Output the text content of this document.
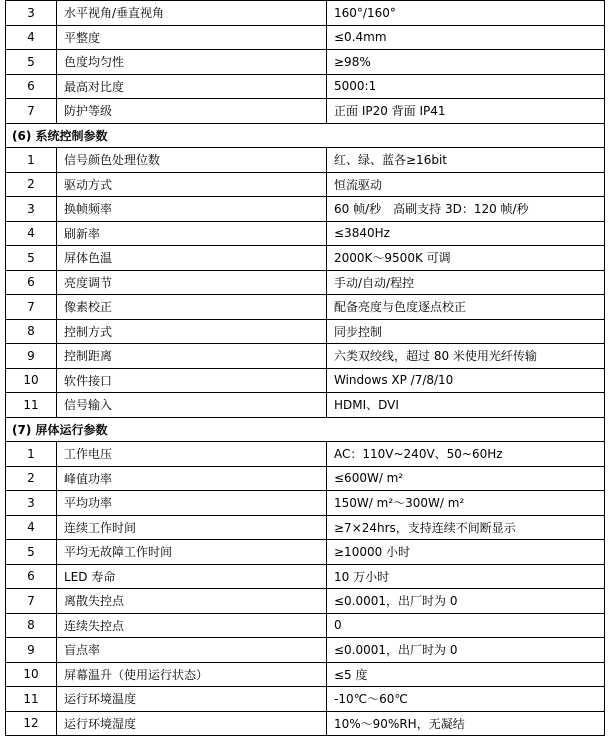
3	水平视角/垂直视角	160°/160°
4	平整度	≤0.4mm
5	色度均匀性	≥98%
6	最高对比度	5000:1
7	防护等级	正面 IP20 背面 IP41
(6) 系统控制参数		
1	信号颜色处理位数	红、绿、蓝各≥16bit
2	驱动方式	恒流驱动
3	换帧频率	60 帧/秒　高刷支持 3D：120 帧/秒
4	刷新率	≤3840Hz
5	屏体色温	2000K～9500K 可调
6	亮度调节	手动/自动/程控
7	像素校正	配备亮度与色度逐点校正
8	控制方式	同步控制
9	控制距离	六类双绞线，超过 80 米使用光纤传输
10	软件接口	Windows XP /7/8/10
11	信号输入	HDMI、DVI
(7) 屏体运行参数		
1	工作电压	AC：110V~240V、50~60Hz
2	峰值功率	≤600W/ m²
3	平均功率	150W/ m²～300W/ m²
4	连续工作时间	≥7×24hrs，支持连续不间断显示
5	平均无故障工作时间	≥10000 小时
6	LED 寿命	10 万小时
7	离散失控点	≤0.0001，出厂时为 0
8	连续失控点	0
9	盲点率	≤0.0001，出厂时为 0
10	屏幕温升（使用运行状态）	≤5 度
11	运行环境温度	-10℃～60℃
12	运行环境湿度	10%～90%RH，无凝结
